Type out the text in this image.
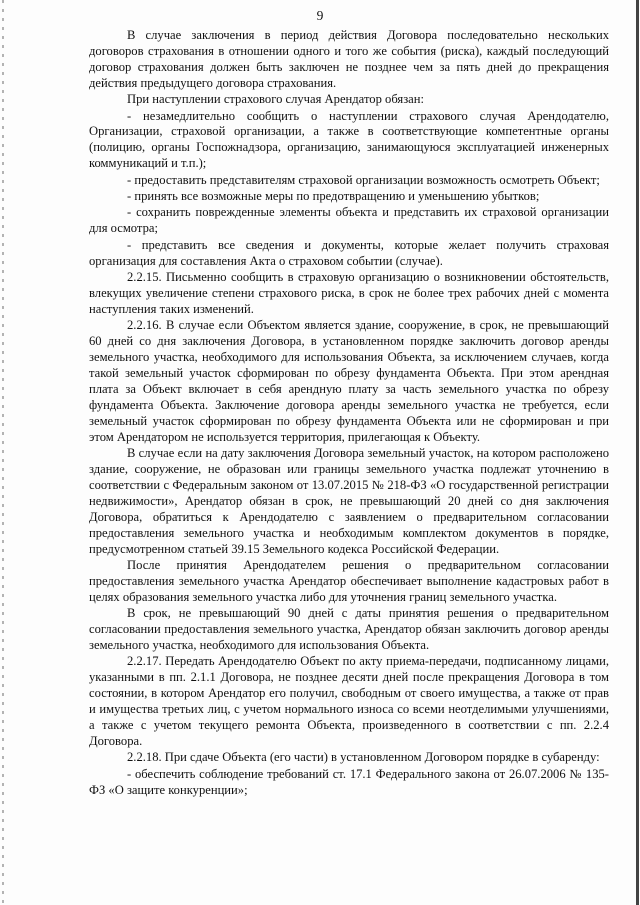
9

В случае заключения в период действия Договора последовательно нескольких договоров страхования в отношении одного и того же события (риска), каждый последующий договор страхования должен быть заключен не позднее чем за пять дней до прекращения действия предыдущего договора страхования.

При наступлении страхового случая Арендатор обязан:

- незамедлительно сообщить о наступлении страхового случая Арендодателю, Организации, страховой организации, а также в соответствующие компетентные органы (полицию, органы Госпожнадзора, организацию, занимающуюся эксплуатацией инженерных коммуникаций и т.п.);

- предоставить представителям страховой организации возможность осмотреть Объект;

- принять все возможные меры по предотвращению и уменьшению убытков;

- сохранить поврежденные элементы объекта и представить их страховой организации для осмотра;

- представить все сведения и документы, которые желает получить страховая организация для составления Акта о страховом событии (случае).

2.2.15. Письменно сообщить в страховую организацию о возникновении обстоятельств, влекущих увеличение степени страхового риска, в срок не более трех рабочих дней с момента наступления таких изменений.

2.2.16. В случае если Объектом является здание, сооружение, в срок, не превышающий 60 дней со дня заключения Договора, в установленном порядке заключить договор аренды земельного участка, необходимого для использования Объекта, за исключением случаев, когда такой земельный участок сформирован по обрезу фундамента Объекта. При этом арендная плата за Объект включает в себя арендную плату за часть земельного участка по обрезу фундамента Объекта. Заключение договора аренды земельного участка не требуется, если земельный участок сформирован по обрезу фундамента Объекта или не сформирован и при этом Арендатором не используется территория, прилегающая к Объекту.

В случае если на дату заключения Договора земельный участок, на котором расположено здание, сооружение, не образован или границы земельного участка подлежат уточнению в соответствии с Федеральным законом от 13.07.2015 № 218-ФЗ «О государственной регистрации недвижимости», Арендатор обязан в срок, не превышающий 20 дней со дня заключения Договора, обратиться к Арендодателю с заявлением о предварительном согласовании предоставления земельного участка и необходимым комплектом документов в порядке, предусмотренном статьей 39.15 Земельного кодекса Российской Федерации.

После принятия Арендодателем решения о предварительном согласовании предоставления земельного участка Арендатор обеспечивает выполнение кадастровых работ в целях образования земельного участка либо для уточнения границ земельного участка.

В срок, не превышающий 90 дней с даты принятия решения о предварительном согласовании предоставления земельного участка, Арендатор обязан заключить договор аренды земельного участка, необходимого для использования Объекта.

2.2.17. Передать Арендодателю Объект по акту приема-передачи, подписанному лицами, указанными в пп. 2.1.1 Договора, не позднее десяти дней после прекращения Договора в том состоянии, в котором Арендатор его получил, свободным от своего имущества, а также от прав и имущества третьих лиц, с учетом нормального износа со всеми неотделимыми улучшениями, а также с учетом текущего ремонта Объекта, произведенного в соответствии с пп. 2.2.4 Договора.

2.2.18. При сдаче Объекта (его части) в установленном Договором порядке в субаренду:

- обеспечить соблюдение требований ст. 17.1 Федерального закона от 26.07.2006 № 135-ФЗ «О защите конкуренции»;
